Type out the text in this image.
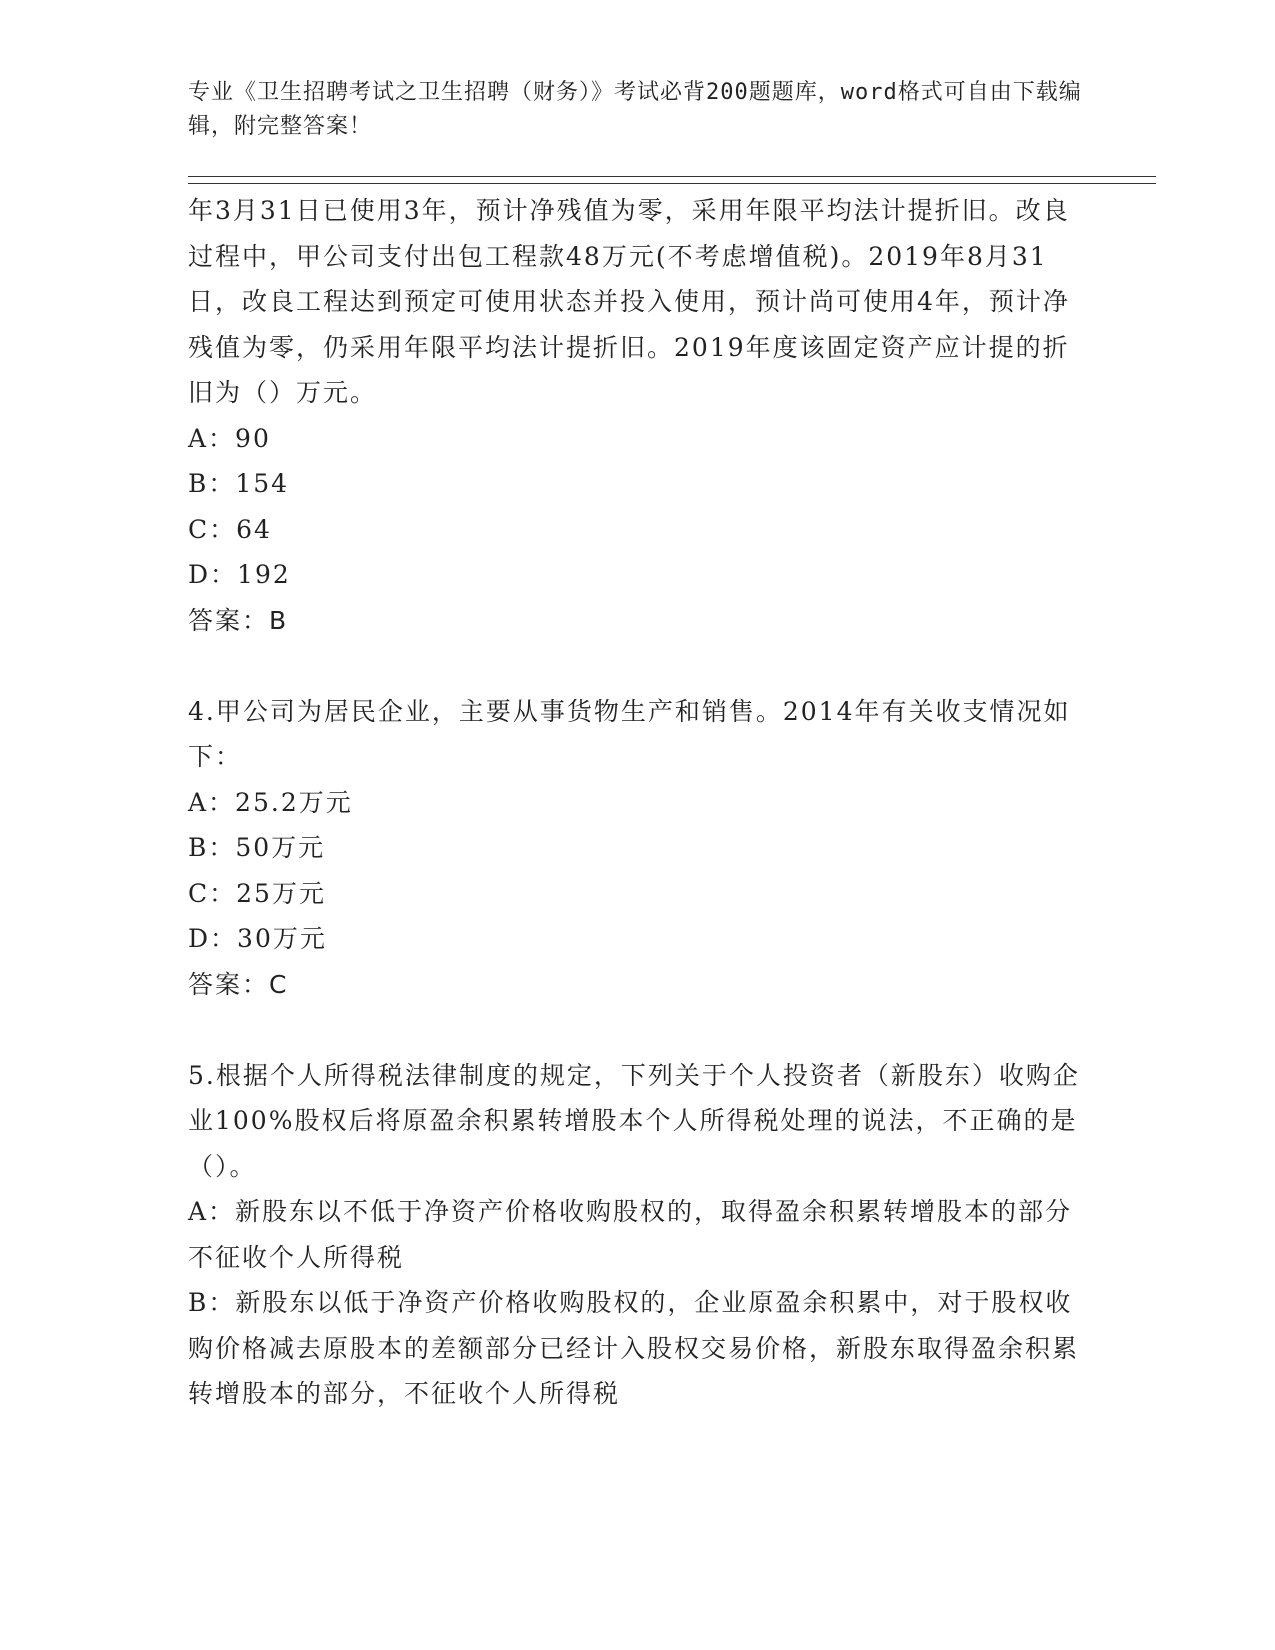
专业《卫生招聘考试之卫生招聘（财务）》考试必背200题题库，word格式可自由下载编辑，附完整答案！

年3月31日已使用3年，预计净残值为零，采用年限平均法计提折旧。改良过程中，甲公司支付出包工程款48万元(不考虑增值税)。2019年8月31日，改良工程达到预定可使用状态并投入使用，预计尚可使用4年，预计净残值为零，仍采用年限平均法计提折旧。2019年度该固定资产应计提的折旧为（）万元。

A：90

B：154

C：64

D：192

答案：B

4.甲公司为居民企业，主要从事货物生产和销售。2014年有关收支情况如下：

A：25.2万元

B：50万元

C：25万元

D：30万元

答案：C

5.根据个人所得税法律制度的规定，下列关于个人投资者（新股东）收购企业100%股权后将原盈余积累转增股本个人所得税处理的说法，不正确的是（）。

A：新股东以不低于净资产价格收购股权的，取得盈余积累转增股本的部分不征收个人所得税

B：新股东以低于净资产价格收购股权的，企业原盈余积累中，对于股权收购价格减去原股本的差额部分已经计入股权交易价格，新股东取得盈余积累转增股本的部分，不征收个人所得税
